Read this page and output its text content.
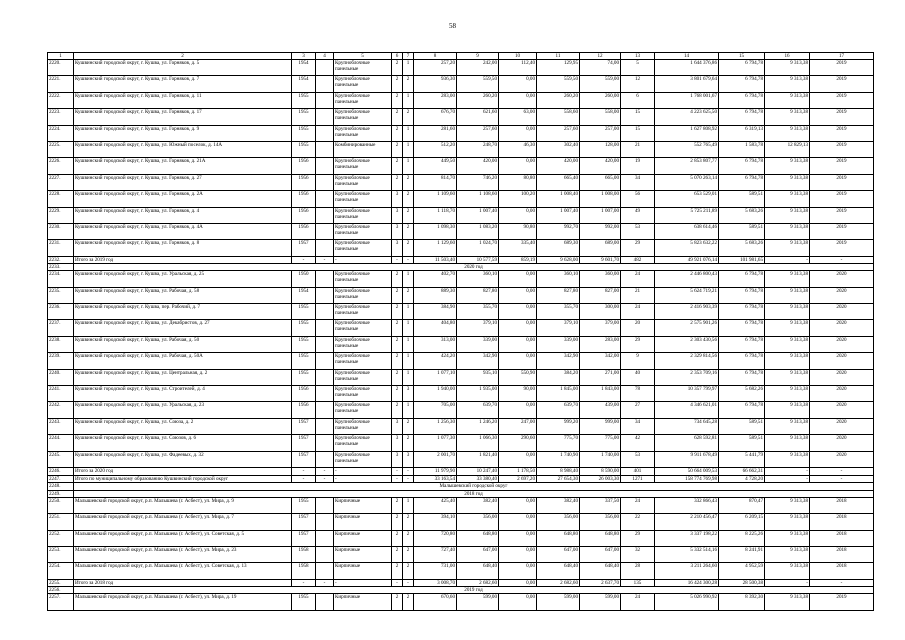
58
1	2	3	4	5	6	7	8	9	10	11	12	13	14	15	16	17
2220.	Кушвинский городской округ, г. Кушва, ул. Горняков, д. 5	1954		Крупноблочные панельные	2	1	257,20	242,00	112,40	129,95	74,00	5	1 644 376,86	6 794,78	9 313,38	2019
2221.	Кушвинский городской округ, г. Кушва, ул. Горняков, д. 7	1954		Крупноблочные панельные	2	2	936,30	559,50	0,00	559,50	559,00	12	3 801 679,64	6 794,78	9 313,38	2019
2222.	Кушвинский городской округ, г. Кушва, ул. Горняков, д. 11	1955		Крупноблочные панельные	2	1	283,00	260,20	0,00	260,20	260,00	6	1 768 001,67	6 794,78	9 313,38	2019
2223.	Кушвинский городской округ, г. Кушва, ул. Горняков, д. 17	1955		Крупноблочные панельные	2	2	676,70	621,60	63,00	558,60	558,00	15	4 223 625,50	6 794,78	9 313,38	2019
2224.	Кушвинский городской округ, г. Кушва, ул. Горняков, д. 9	1955		Крупноблочные панельные	2	1	281,60	257,60	0,00	257,60	257,00	15	1 627 808,92	6 319,13	9 313,38	2019
2225.	Кушвинский городской округ, г. Кушва, ул. Южный поселок, д. 14А	1955		Комбинированные	2	1	512,20	248,70	46,30	302,40	128,00	21	552 765,49	1 583,78	12 829,13	2019
2226.	Кушвинский городской округ, г. Кушва, ул. Горняков, д. 21А	1956		Крупноблочные панельные	2	1	449,50	420,00	0,00	420,00	420,00	19	2 853 807,77	6 794,78	9 313,38	2019
2227.	Кушвинский городской округ, г. Кушва, ул. Горняков, д. 27	1956		Крупноблочные панельные	2	2	814,70	746,20	80,80	665,40	665,00	34	5 070 263,14	6 794,78	9 313,38	2019
2228.	Кушвинский городской округ, г. Кушва, ул. Горняков, д. 2А	1956		Крупноблочные панельные	3	2	1 109,60	1 108,60	100,20	1 008,40	1 008,00	56	653 529,01	589,51	9 313,38	2019
2229.	Кушвинский городской округ, г. Кушва, ул. Горняков, д. 4	1956		Крупноблочные панельные	3	2	1 118,70	1 007,40	0,00	1 007,40	1 007,00	49	5 725 211,89	5 683,26	9 313,38	2019
2230.	Кушвинский городской округ, г. Кушва, ул. Горняков, д. 4А	1956		Крупноблочные панельные	3	2	1 098,30	1 083,20	90,80	992,70	992,00	53	638 614,46	589,51	9 313,38	2019
2231.	Кушвинский городской округ, г. Кушва, ул. Горняков, д. 8	1957		Крупноблочные панельные	3	2	1 129,60	1 024,70	335,40	689,30	689,00	29	5 823 632,22	5 683,26	9 313,38	2019
2232.	Итого за 2019 год	-	-	-	-	-	11 503,40	10 577,59	859,19	9 628,00	9 601,70	482	49 921 076,14	101 981,65	-	-
2233.	2020 год															
2234.	Кушвинский городской округ, г. Кушва, ул. Уральская, д. 25	1950		Крупноблочные панельные	2	1	402,70	360,10	0,00	360,10	360,00	24	2 446 800,43	6 794,78	9 313,38	2020
2235.	Кушвинский городской округ, г. Кушва, ул. Рабочая, д. 58	1954		Крупноблочные панельные	2	2	889,30	827,80	0,00	827,80	827,00	21	5 624 719,21	6 794,78	9 313,38	2020
2236.	Кушвинский городской округ, г. Кушва, пер. Рабочий, д. 7	1955		Крупноблочные панельные	2	1	384,90	355,70	0,00	355,70	300,00	24	2 416 903,39	6 794,78	9 313,38	2020
2237.	Кушвинский городской округ, г. Кушва, ул. Декабристов, д. 27	1955		Крупноблочные панельные	2	1	404,80	379,10	0,00	379,10	379,00	20	2 575 901,26	6 794,78	9 313,38	2020
2238.	Кушвинский городской округ, г. Кушва, ул. Рабочая, д. 50	1955		Крупноблочные панельные	2	1	313,00	339,00	0,00	339,00	283,00	29	2 303 430,56	6 794,78	9 313,38	2020
2239.	Кушвинский городской округ, г. Кушва, ул. Рабочая, д. 50А	1955		Крупноблочные панельные	2	1	424,20	342,90	0,00	342,90	342,00	9	2 329 814,56	6 794,78	9 313,38	2020
2240.	Кушвинский городской округ, г. Кушва, ул. Центральная, д. 2	1955		Крупноблочные панельные	2	1	1 077,10	935,10	550,90	384,20	271,00	40	2 353 709,16	6 794,78	9 313,38	2020
2241.	Кушвинский городской округ, г. Кушва, ул. Строителей, д. 4	1956		Крупноблочные панельные	2	3	1 940,00	1 935,00	90,00	1 845,00	1 843,00	78	10 357 799,97	5 682,26	9 313,38	2020
2242.	Кушвинский городской округ, г. Кушва, ул. Уральская, д. 23	1956		Крупноблочные панельные	2	1	705,00	639,70	0,00	639,70	439,00	27	4 346 621,01	6 794,78	9 313,38	2020
2243.	Кушвинский городской округ, г. Кушва, ул. Союза, д. 2	1957		Крупноблочные панельные	3	2	1 256,30	1 246,20	247,00	999,20	999,00	34	734 645,28	589,51	9 313,38	2020
2244.	Кушвинский городской округ, г. Кушва, ул. Союзов, д. 6	1957		Крупноблочные панельные	3	2	1 077,30	1 066,30	290,60	775,70	775,00	42	628 592,81	589,51	9 313,38	2020
2245.	Кушвинский городской округ, г. Кушва, ул. Фадеевых, д. 32	1957		Крупноблочные панельные	3	3	2 001,70	1 821,40	0,00	1 740,90	1 740,00	53	9 911 678,49	5 441,79	9 313,38	2020
2246.	Итого за 2020 год	-	-	-	-	-	11 979,90	10 247,40	1 178,50	8 988,40	8 590,00	401	50 664 009,53	66 662,31	-	-
2247.	Итого по муниципальному образованию Кушвинский городской округ	-	-	-	-	-	33 163,54	33 380,40	2 697,20	27 654,30	26 003,30	1271	158 774 769,98	4 728,20	-	-
2248.	Малышевский городской округ															
2249.	2018 год															
2250.	Малышевский городской округ, р.п. Малышева (г. Асбест), ул. Мира, д. 9	1955		Кирпичные	2	1	425,40	382,40	0,00	382,40	337,50	24	332 866,43	870,47	9 313,38	2018
2251.	Малышевский городской округ, р.п. Малышева (г. Асбест), ул. Мира, д. 7	1957		Кирпичные	2	2	394,10	356,00	0,00	356,00	356,00	22	2 210 456,47	6 209,15	9 313,38	2018
2252.	Малышевский городской округ, р.п. Малышева (г. Асбест), ул. Советская, д. 5	1957		Кирпичные	2	2	720,80	648,80	0,00	648,80	648,80	29	3 337 198,22	8 225,26	9 313,38	2018
2253.	Малышевский городской округ, р.п. Малышева (г. Асбест), ул. Мира, д. 23	1958		Кирпичные	2	2	727,40	647,00	0,00	647,00	647,00	32	5 332 514,16	8 241,91	9 313,38	2018
2254.	Малышевский городской округ, р.п. Малышева (г. Асбест), ул. Советская, д. 13	1958		Кирпичные	2	2	731,00	648,40	0,00	648,40	648,40	28	3 211 264,60	4 952,59	9 313,38	2018
2255.	Итого за 2018 год	-	-	-	-	-	3 008,70	2 682,60	0,00	2 682,60	2 637,70	135	16 424 300,28	28 500,38	-	-
2256.	2019 год															
2257.	Малышевский городской округ, р.п. Малышева (г. Асбест), ул. Мира, д. 19	1955		Кирпичные	2	2	670,60	599,00	0,00	599,00	599,00	24	5 026 990,92	8 392,30	9 313,38	2019
